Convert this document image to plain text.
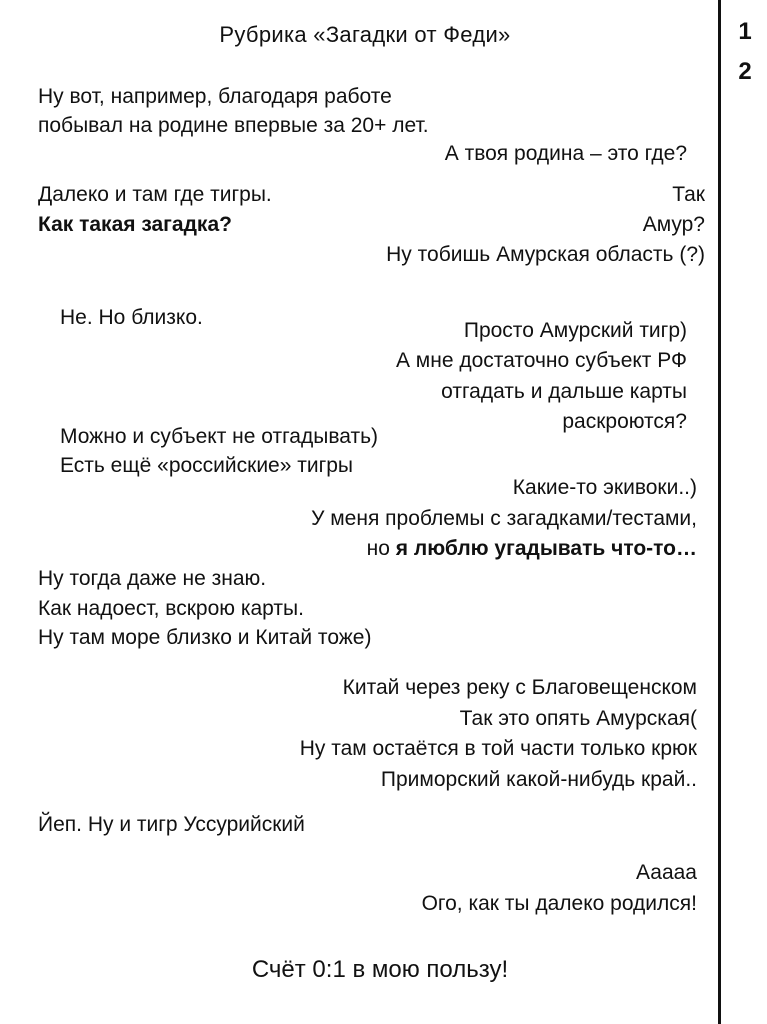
1
2
Рубрика «Загадки от Феди»
Ну вот, например, благодаря работе
побывал на родине впервые за 20+ лет.
А твоя родина – это где?
Далеко и там где тигры.
Как такая загадка?
Так
Амур?
Ну тобишь Амурская область (?)
Не. Но близко.
Просто Амурский тигр)
А мне достаточно субъект РФ
отгадать и дальше карты
раскроются?
Можно и субъект не отгадывать)
Есть ещё «российские» тигры
Какие-то экивоки..)
У меня проблемы с загадками/тестами,
но я люблю угадывать что-то…
Ну тогда даже не знаю.
Как надоест, вскрою карты.
Ну там море близко и Китай тоже)
Китай через реку с Благовещенском
Так это опять Амурская(
Ну там остаётся в той части только крюк
Приморский какой-нибудь край..
Йеп. Ну и тигр Уссурийский
Ааааа
Ого, как ты далеко родился!
Счёт 0:1 в мою пользу!
